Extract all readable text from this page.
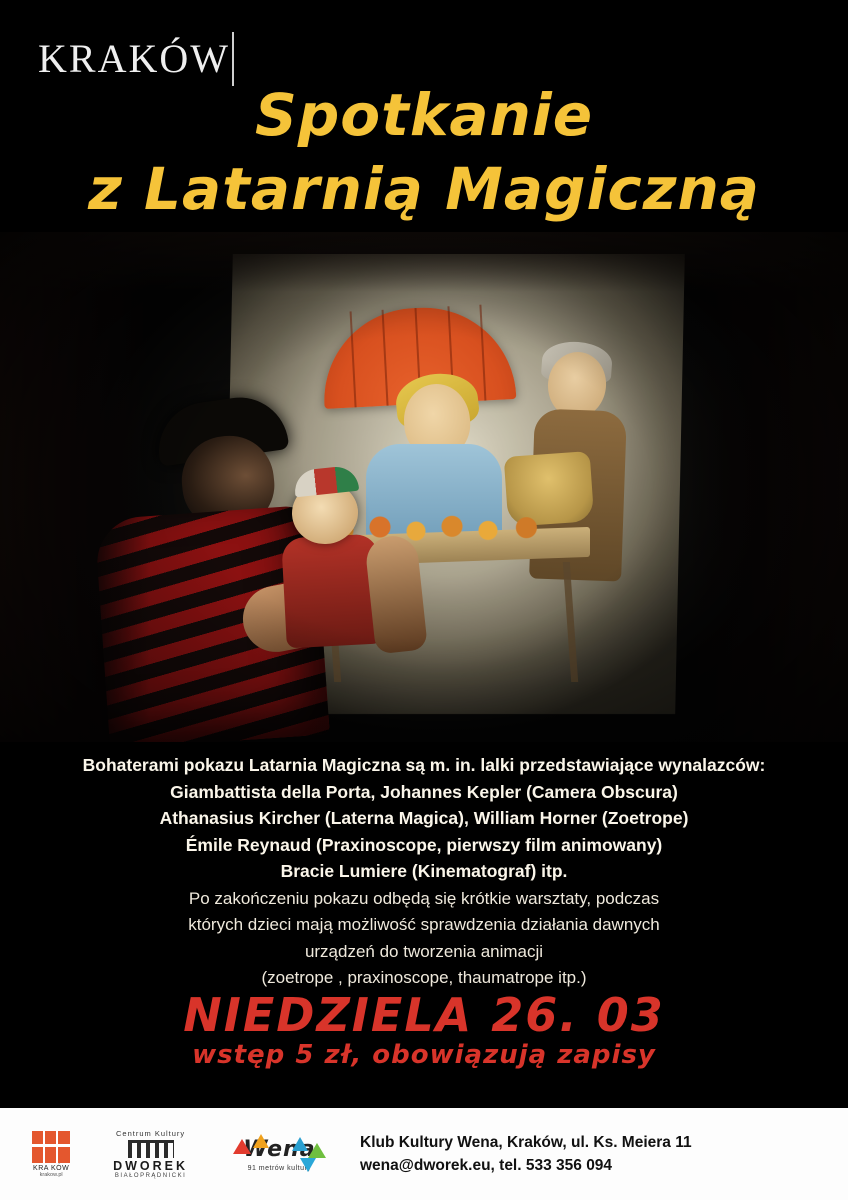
KRAKÓW
Spotkanie
z Latarnią Magiczną
Bohaterami pokazu Latarnia Magiczna są m. in. lalki przedstawiające wynalazców:
Giambattista della Porta, Johannes Kepler (Camera Obscura)
Athanasius Kircher (Laterna Magica), William Horner (Zoetrope)
Émile Reynaud (Praxinoscope, pierwszy film animowany)
Bracie Lumiere (Kinematograf) itp.
Po zakończeniu pokazu odbędą się krótkie warsztaty, podczas
których dzieci mają możliwość sprawdzenia działania dawnych
urządzeń do tworzenia animacji
(zoetrope , praxinoscope, thaumatrope itp.)
NIEDZIELA 26. 03
wstęp 5 zł, obowiązują zapisy
KRA KÓW
krakow.pl
Centrum Kultury
DWOREK
BIAŁOPRĄDNICKI
Wena
91 metrów kultury
Klub Kultury Wena, Kraków, ul. Ks. Meiera 11
wena@dworek.eu, tel. 533 356 094
